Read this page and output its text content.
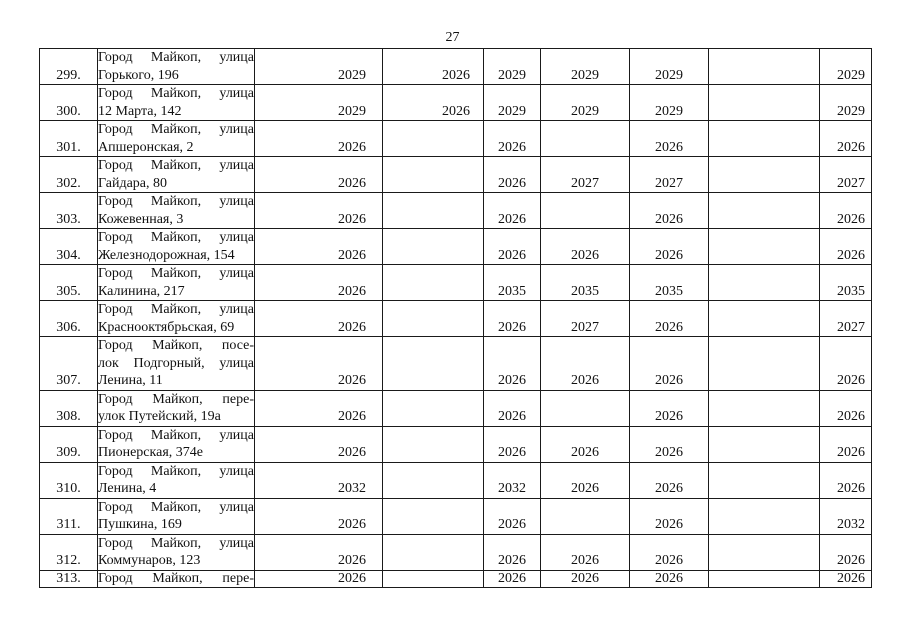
27
299.	Город Майкоп, улица
Горького, 196	2029	2026	2029	2029	2029		2029
300.	Город Майкоп, улица
12 Марта, 142	2029	2026	2029	2029	2029		2029
301.	Город Майкоп, улица
Апшеронская, 2	2026		2026		2026		2026
302.	Город Майкоп, улица
Гайдара, 80	2026		2026	2027	2027		2027
303.	Город Майкоп, улица
Кожевенная, 3	2026		2026		2026		2026
304.	Город Майкоп, улица
Железнодорожная, 154	2026		2026	2026	2026		2026
305.	Город Майкоп, улица
Калинина, 217	2026		2035	2035	2035		2035
306.	Город Майкоп, улица
Краснооктябрьская, 69	2026		2026	2027	2026		2027
307.	Город Майкоп, посе-
лок Подгорный, улица
Ленина, 11	2026		2026	2026	2026		2026
308.	Город Майкоп, пере-
улок Путейский, 19а	2026		2026		2026		2026
309.	Город Майкоп, улица
Пионерская, 374е	2026		2026	2026	2026		2026
310.	Город Майкоп, улица
Ленина, 4	2032		2032	2026	2026		2026
311.	Город Майкоп, улица
Пушкина, 169	2026		2026		2026		2032
312.	Город Майкоп, улица
Коммунаров, 123	2026		2026	2026	2026		2026
313.	Город Майкоп, пере-	2026		2026	2026	2026		2026
